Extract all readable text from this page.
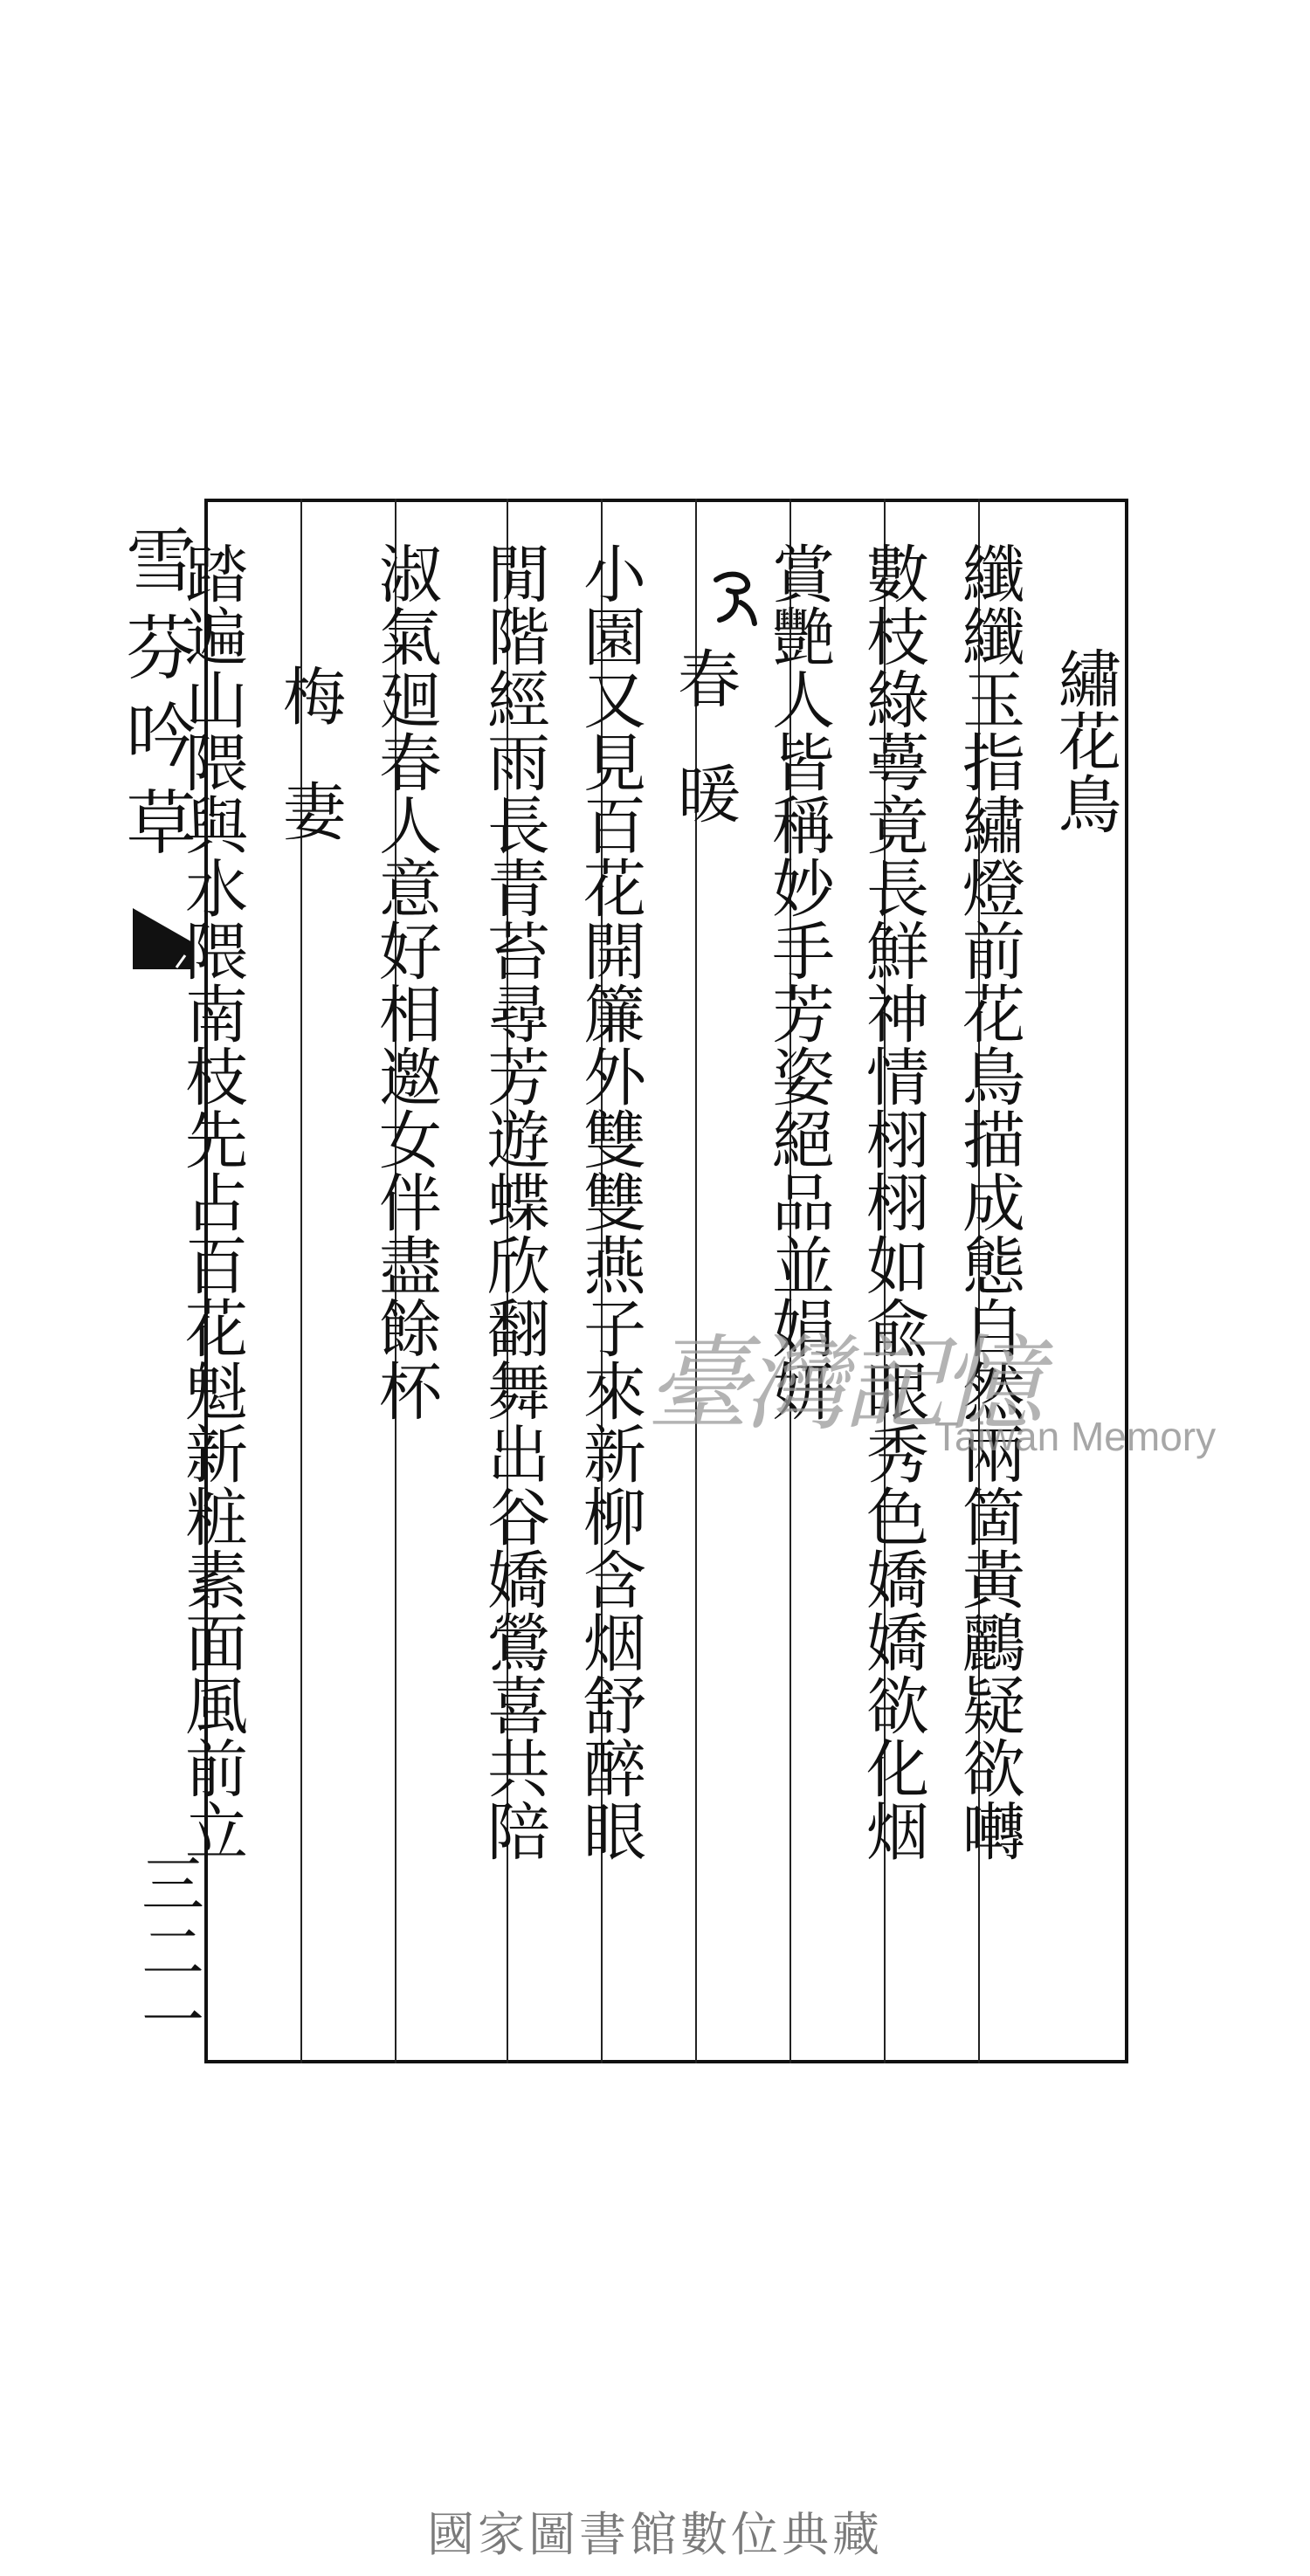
雪芬吟草
三二一
繡花鳥
纖纖玉指繡燈前花鳥描成態自然兩箇黃鸝疑欲囀
數枝綠蕚竟長鮮神情栩栩如兪眼秀色嬌嬌欲化烟
賞艷人皆稱妙手芳姿絕品並娟妍
春暖
小園又見百花開簾外雙雙燕子來新柳含烟舒醉眼
閒階經雨長青苔尋芳遊蝶欣翻舞出谷嬌鶯喜共陪
淑氣廻春人意好相邀女伴盡餘杯
梅妻
踏遍山隈與水隈南枝先占百花魁新粧素面風前立	臺灣記憶
Taiwan Memory
國家圖書館數位典藏
